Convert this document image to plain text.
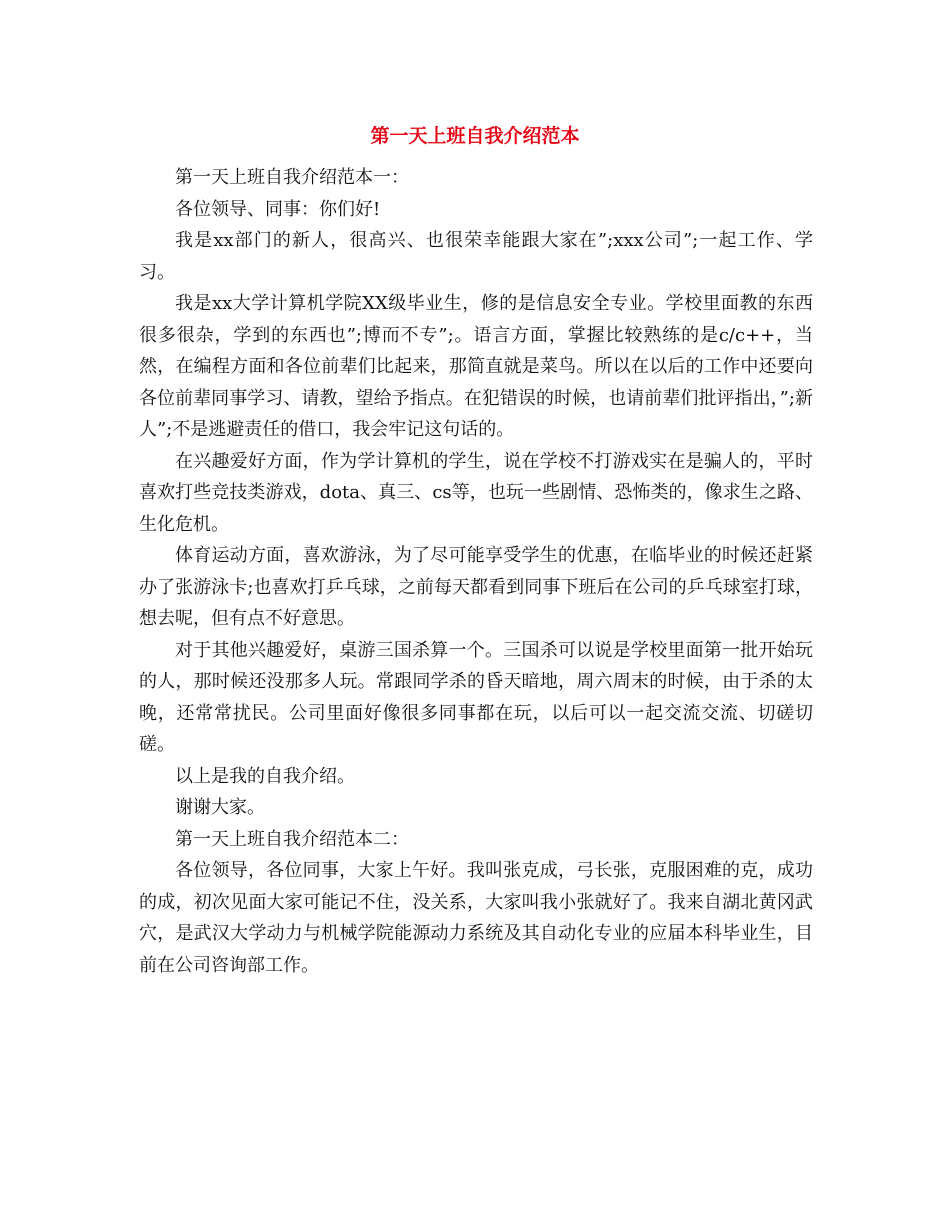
第一天上班自我介绍范本

第一天上班自我介绍范本一：

各位领导、同事：你们好!

我是xx部门的新人，很高兴、也很荣幸能跟大家在”;xxx公司”;一起工作、学习。

我是xx大学计算机学院XX级毕业生，修的是信息安全专业。学校里面教的东西很多很杂，学到的东西也”;博而不专”;。语言方面，掌握比较熟练的是c/c++，当然，在编程方面和各位前辈们比起来，那简直就是菜鸟。所以在以后的工作中还要向各位前辈同事学习、请教，望给予指点。在犯错误的时候，也请前辈们批评指出，”;新人”;不是逃避责任的借口，我会牢记这句话的。

在兴趣爱好方面，作为学计算机的学生，说在学校不打游戏实在是骗人的，平时喜欢打些竞技类游戏，dota、真三、cs等，也玩一些剧情、恐怖类的，像求生之路、生化危机。

体育运动方面，喜欢游泳，为了尽可能享受学生的优惠，在临毕业的时候还赶紧办了张游泳卡;也喜欢打乒乓球，之前每天都看到同事下班后在公司的乒乓球室打球，想去呢，但有点不好意思。

对于其他兴趣爱好，桌游三国杀算一个。三国杀可以说是学校里面第一批开始玩的人，那时候还没那多人玩。常跟同学杀的昏天暗地，周六周末的时候，由于杀的太晚，还常常扰民。公司里面好像很多同事都在玩，以后可以一起交流交流、切磋切磋。

以上是我的自我介绍。

谢谢大家。

第一天上班自我介绍范本二：

各位领导，各位同事，大家上午好。我叫张克成，弓长张，克服困难的克，成功的成，初次见面大家可能记不住，没关系，大家叫我小张就好了。我来自湖北黄冈武穴，是武汉大学动力与机械学院能源动力系统及其自动化专业的应届本科毕业生，目前在公司咨询部工作。
